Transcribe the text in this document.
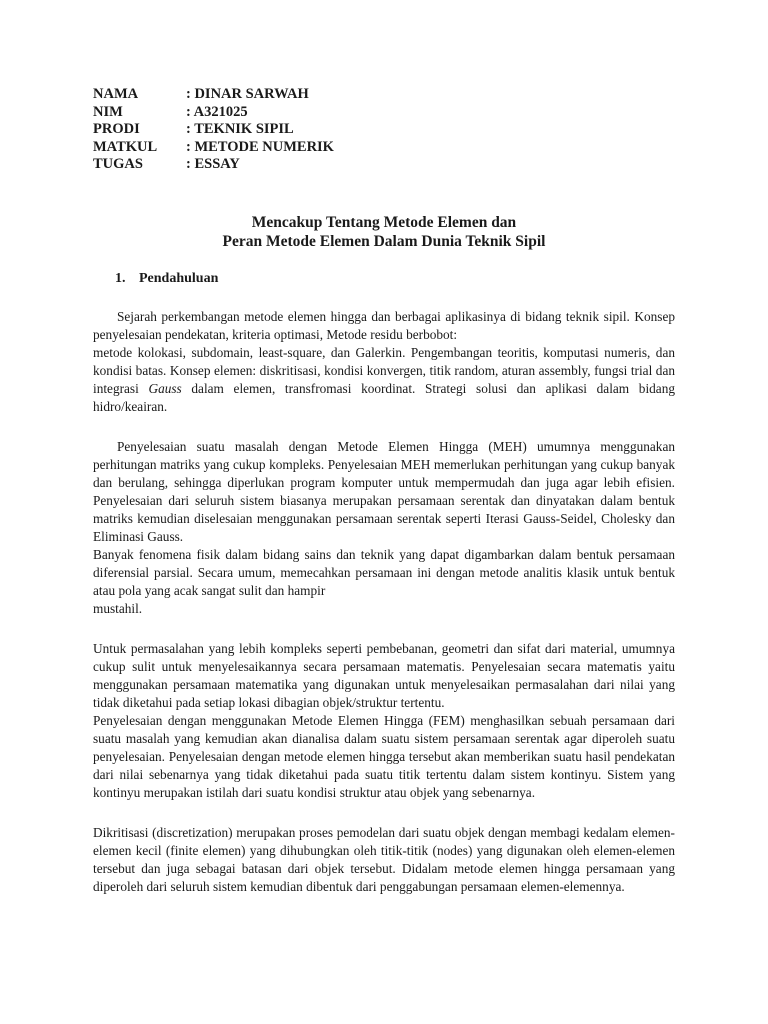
NAMA	: DINAR SARWAH
NIM	: A321025
PRODI	: TEKNIK SIPIL
MATKUL	: METODE NUMERIK
TUGAS	: ESSAY
Mencakup Tentang Metode Elemen dan
Peran Metode Elemen Dalam Dunia Teknik Sipil
1. Pendahuluan

Sejarah perkembangan metode elemen hingga dan berbagai aplikasinya di bidang teknik sipil. Konsep penyelesaian pendekatan, kriteria optimasi, Metode residu berbobot:

metode kolokasi, subdomain, least-square, dan Galerkin. Pengembangan teoritis, komputasi numeris, dan kondisi batas. Konsep elemen: diskritisasi, kondisi konvergen, titik random, aturan assembly, fungsi trial dan integrasi Gauss dalam elemen, transfromasi koordinat. Strategi solusi dan aplikasi dalam bidang hidro/keairan.

Penyelesaian suatu masalah dengan Metode Elemen Hingga (MEH) umumnya menggunakan perhitungan matriks yang cukup kompleks. Penyelesaian MEH memerlukan perhitungan yang cukup banyak dan berulang, sehingga diperlukan program komputer untuk mempermudah dan juga agar lebih efisien. Penyelesaian dari seluruh sistem biasanya merupakan persamaan serentak dan dinyatakan dalam bentuk matriks kemudian diselesaian menggunakan persamaan serentak seperti Iterasi Gauss-Seidel, Cholesky dan Eliminasi Gauss.

Banyak fenomena fisik dalam bidang sains dan teknik yang dapat digambarkan dalam bentuk persamaan diferensial parsial. Secara umum, memecahkan persamaan ini dengan metode analitis klasik untuk bentuk atau pola yang acak sangat sulit dan hampir

mustahil.

Untuk permasalahan yang lebih kompleks seperti pembebanan, geometri dan sifat dari material, umumnya cukup sulit untuk menyelesaikannya secara persamaan matematis. Penyelesaian secara matematis yaitu menggunakan persamaan matematika yang digunakan untuk menyelesaikan permasalahan dari nilai yang tidak diketahui pada setiap lokasi dibagian objek/struktur tertentu.

Penyelesaian dengan menggunakan Metode Elemen Hingga (FEM) menghasilkan sebuah persamaan dari suatu masalah yang kemudian akan dianalisa dalam suatu sistem persamaan serentak agar diperoleh suatu penyelesaian. Penyelesaian dengan metode elemen hingga tersebut akan memberikan suatu hasil pendekatan dari nilai sebenarnya yang tidak diketahui pada suatu titik tertentu dalam sistem kontinyu. Sistem yang kontinyu merupakan istilah dari suatu kondisi struktur atau objek yang sebenarnya.

Dikritisasi (discretization) merupakan proses pemodelan dari suatu objek dengan membagi kedalam elemen-elemen kecil (finite elemen) yang dihubungkan oleh titik-titik (nodes) yang digunakan oleh elemen-elemen tersebut dan juga sebagai batasan dari objek tersebut. Didalam metode elemen hingga persamaan yang diperoleh dari seluruh sistem kemudian dibentuk dari penggabungan persamaan elemen-elemennya.
